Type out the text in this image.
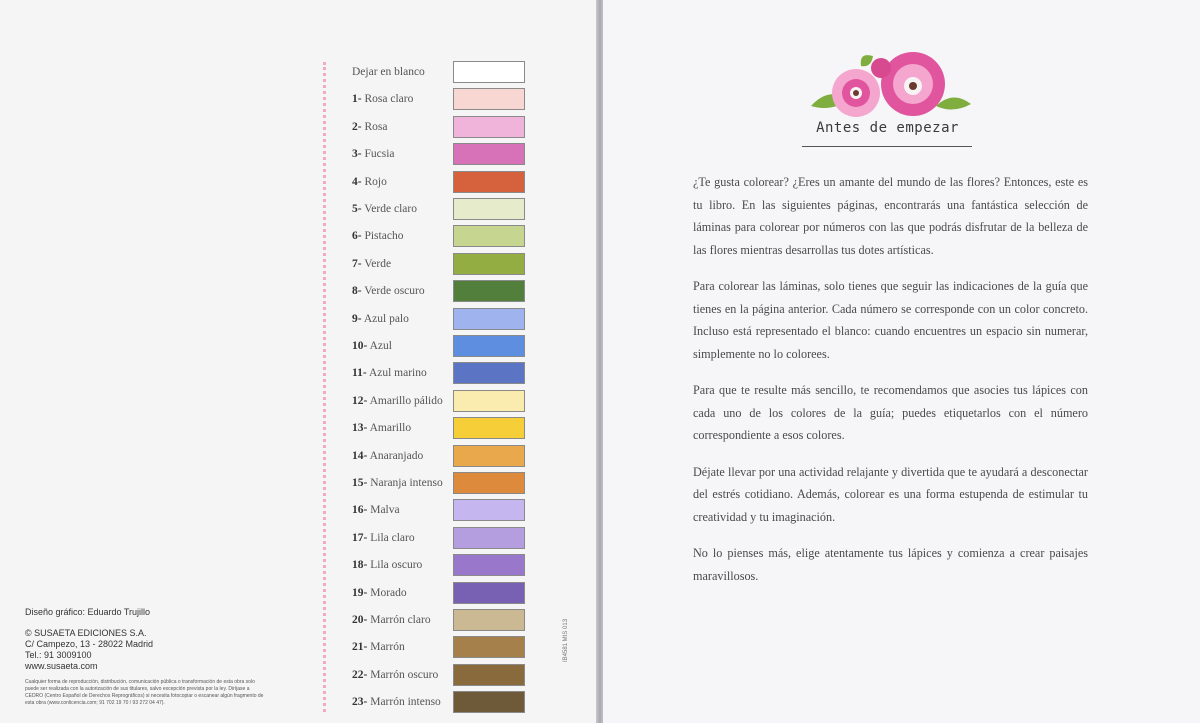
Dejar en blanco
1- Rosa claro
2- Rosa
3- Fucsia
4- Rojo
5- Verde claro
6- Pistacho
7- Verde
8- Verde oscuro
9- Azul palo
10- Azul
11- Azul marino
12- Amarillo pálido
13- Amarillo
14- Anaranjado
15- Naranja intenso
16- Malva
17- Lila claro
18- Lila oscuro
19- Morado
20- Marrón claro
21- Marrón
22- Marrón oscuro
23- Marrón intenso
Diseño gráfico: Eduardo Trujillo
© SUSAETA EDICIONES S.A.
C/ Campezo, 13 - 28022 Madrid
Tel.: 91 3009100
www.susaeta.com
Cualquier forma de reproducción, distribución, comunicación pública o transformación de esta obra solo puede ser realizada con la autorización de sus titulares, salvo excepción prevista por la ley. Diríjase a CEDRO (Centro Español de Derechos Reprográficos) si necesita fotocopiar o escanear algún fragmento de esta obra (www.conlicencia.com; 91 702 19 70 / 93 272 04 47).
IB4581 MIS 013
Antes de empezar

¿Te gusta colorear? ¿Eres un amante del mundo de las flores? Entonces, este es tu libro. En las siguientes páginas, encontrarás una fantástica selección de láminas para colorear por números con las que podrás disfrutar de la belleza de las flores mientras desarrollas tus dotes artísticas.

Para colorear las láminas, solo tienes que seguir las indicaciones de la guía que tienes en la página anterior. Cada número se corresponde con un color concreto. Incluso está representado el blanco: cuando encuentres un espacio sin numerar, simplemente no lo colorees.

Para que te resulte más sencillo, te recomendamos que asocies tus lápices con cada uno de los colores de la guía; puedes etiquetarlos con el número correspondiente a esos colores.

Déjate llevar por una actividad relajante y divertida que te ayudará a desconectar del estrés cotidiano. Además, colorear es una forma estupenda de estimular tu creatividad y tu imaginación.

No lo pienses más, elige atentamente tus lápices y comienza a crear paisajes maravillosos.
